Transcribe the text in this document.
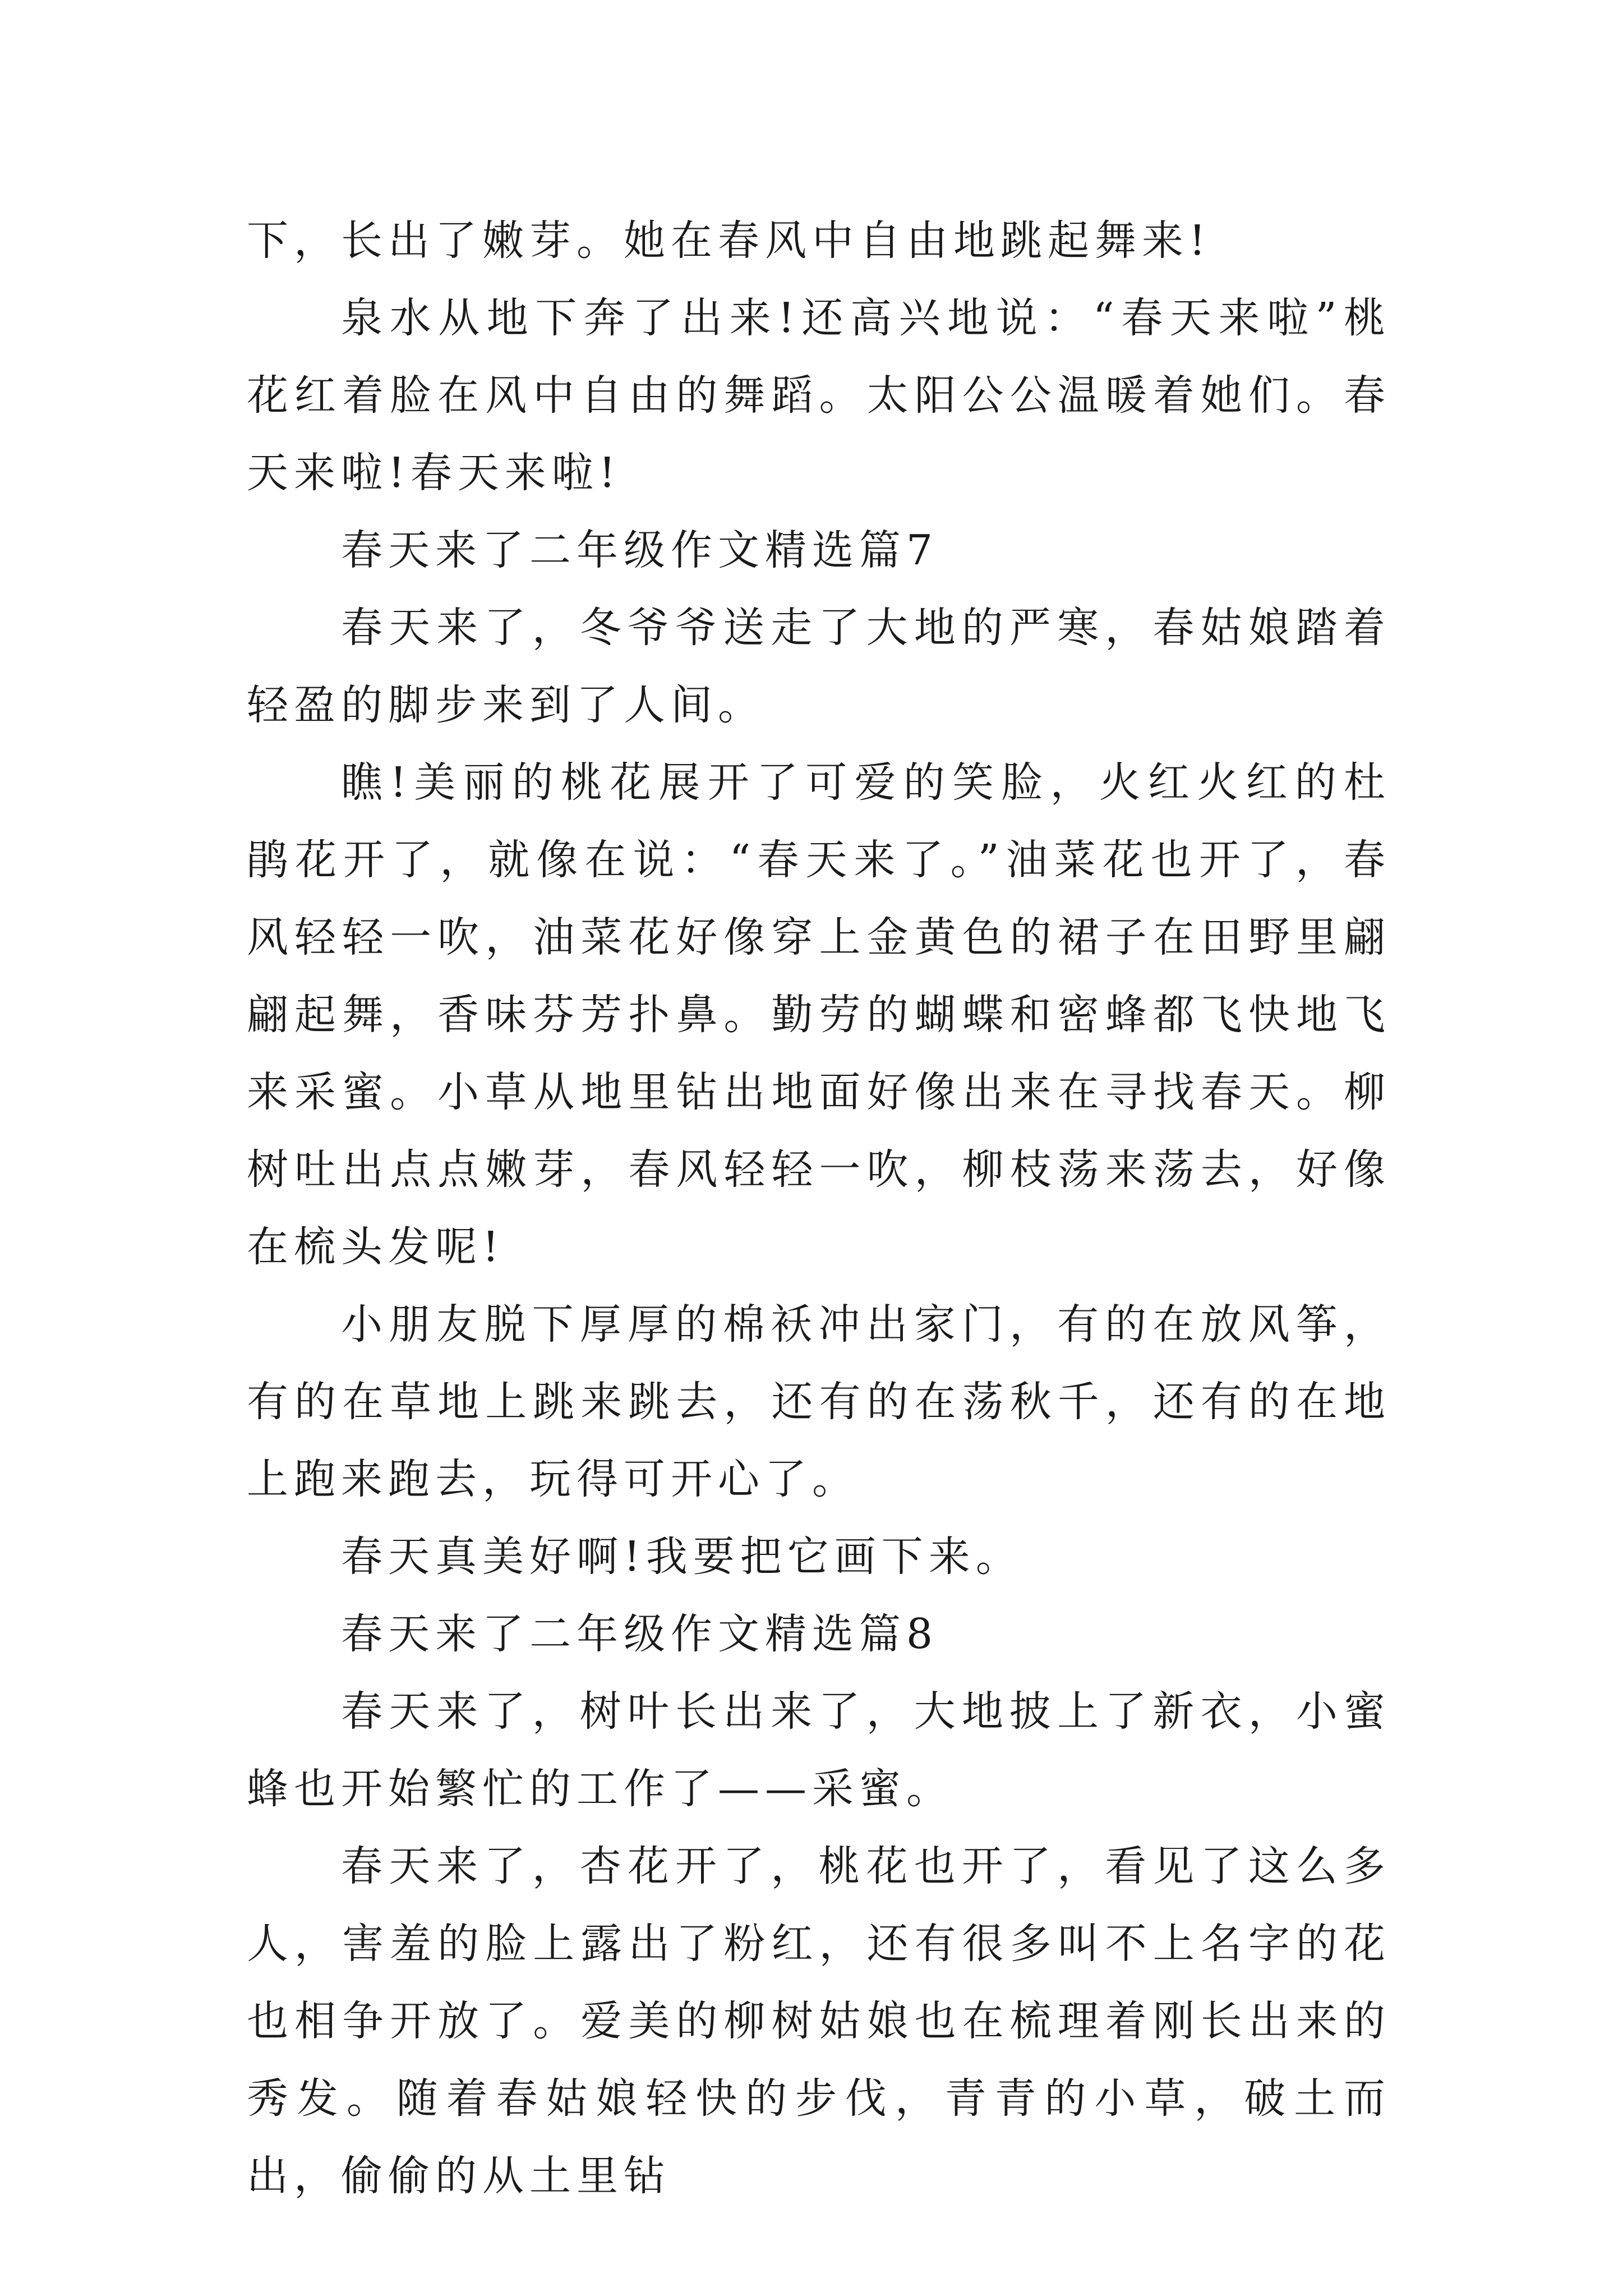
下，长出了嫩芽。她在春风中自由地跳起舞来!

泉水从地下奔了出来!还高兴地说：“春天来啦”桃花红着脸在风中自由的舞蹈。太阳公公温暖着她们。春天来啦!春天来啦!

春天来了二年级作文精选篇7

春天来了，冬爷爷送走了大地的严寒，春姑娘踏着轻盈的脚步来到了人间。

瞧!美丽的桃花展开了可爱的笑脸，火红火红的杜鹃花开了，就像在说：“春天来了。”油菜花也开了，春风轻轻一吹，油菜花好像穿上金黄色的裙子在田野里翩翩起舞，香味芬芳扑鼻。勤劳的蝴蝶和密蜂都飞快地飞来采蜜。小草从地里钻出地面好像出来在寻找春天。柳树吐出点点嫩芽，春风轻轻一吹，柳枝荡来荡去，好像在梳头发呢!

小朋友脱下厚厚的棉袄冲出家门，有的在放风筝，有的在草地上跳来跳去，还有的在荡秋千，还有的在地上跑来跑去，玩得可开心了。

春天真美好啊!我要把它画下来。

春天来了二年级作文精选篇8

春天来了，树叶长出来了，大地披上了新衣，小蜜蜂也开始繁忙的工作了——采蜜。

春天来了，杏花开了，桃花也开了，看见了这么多人，害羞的脸上露出了粉红，还有很多叫不上名字的花也相争开放了。爱美的柳树姑娘也在梳理着刚长出来的秀发。随着春姑娘轻快的步伐，青青的小草，破土而出，偷偷的从土里钻
